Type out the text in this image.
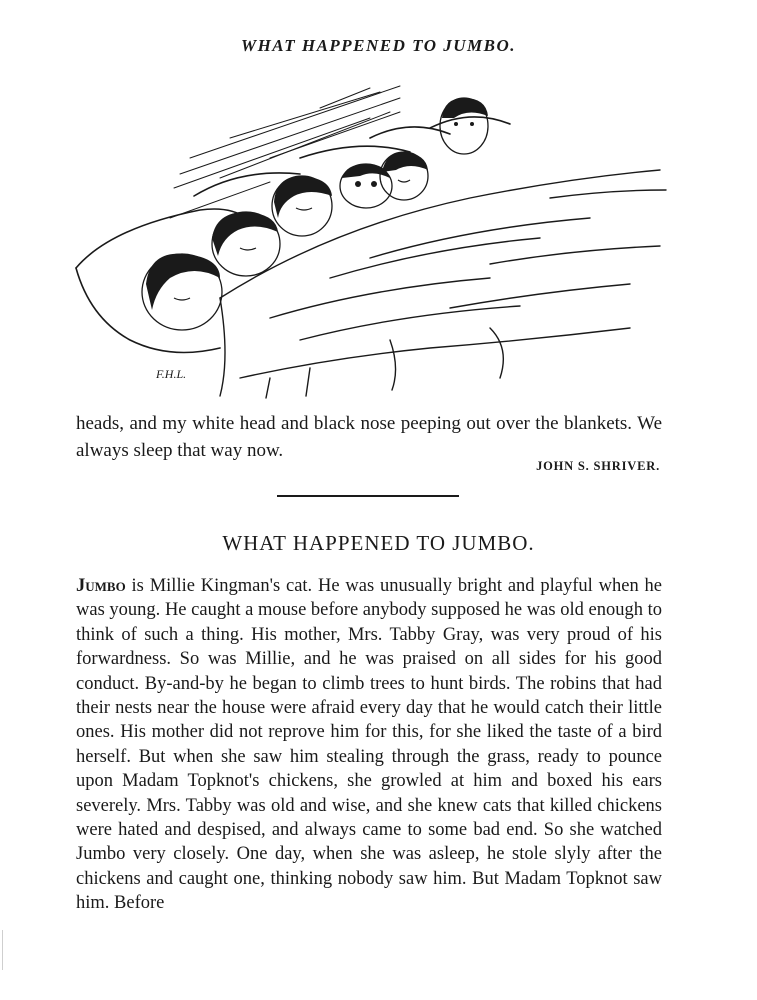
WHAT HAPPENED TO JUMBO.
F.H.L.
heads, and my white head and black nose peeping out over the blankets. We always sleep that way now.
JOHN S. SHRIVER.
WHAT HAPPENED TO JUMBO.
Jumbo is Millie Kingman's cat. He was unusually bright and playful when he was young. He caught a mouse before anybody supposed he was old enough to think of such a thing. His mother, Mrs. Tabby Gray, was very proud of his forwardness. So was Millie, and he was praised on all sides for his good conduct. By-and-by he began to climb trees to hunt birds. The robins that had their nests near the house were afraid every day that he would catch their little ones. His mother did not reprove him for this, for she liked the taste of a bird herself. But when she saw him stealing through the grass, ready to pounce upon Madam Topknot's chickens, she growled at him and boxed his ears severely. Mrs. Tabby was old and wise, and she knew cats that killed chickens were hated and despised, and always came to some bad end. So she watched Jumbo very closely. One day, when she was asleep, he stole slyly after the chickens and caught one, thinking nobody saw him. But Madam Topknot saw him. Before
